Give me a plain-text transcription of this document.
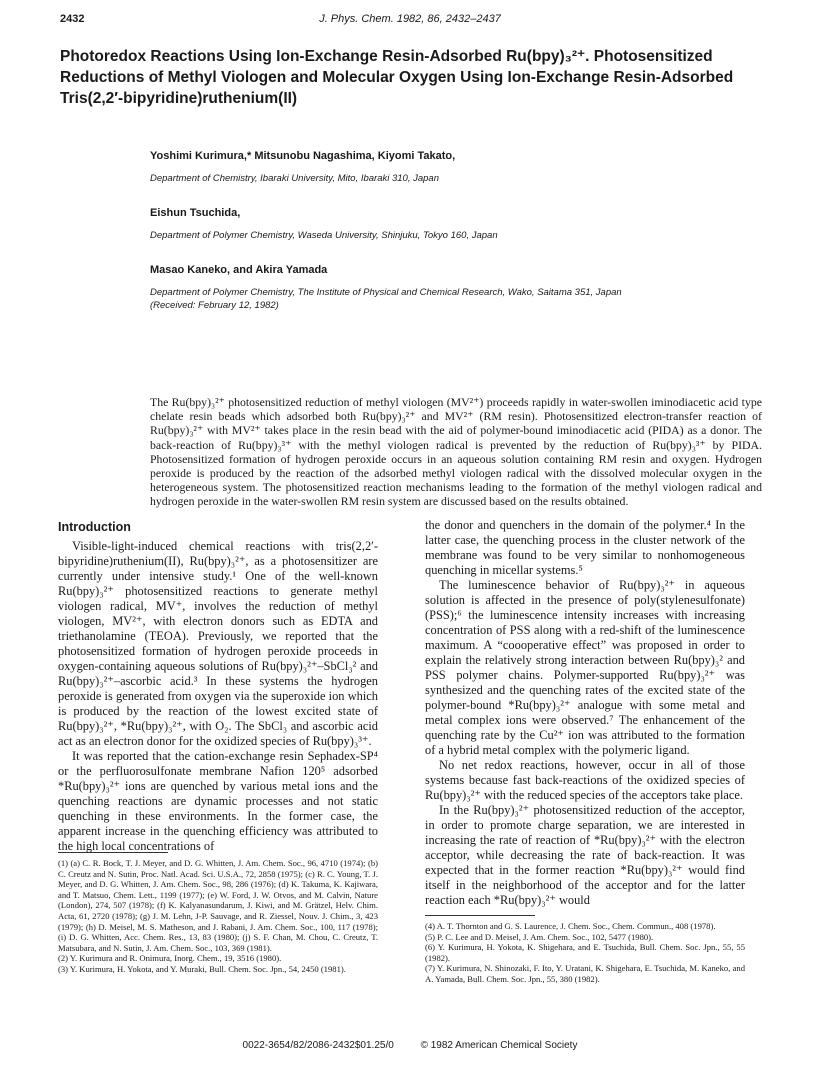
2432	J. Phys. Chem. 1982, 86, 2432–2437
Photoredox Reactions Using Ion-Exchange Resin-Adsorbed Ru(bpy)₃²⁺. Photosensitized Reductions of Methyl Viologen and Molecular Oxygen Using Ion-Exchange Resin-Adsorbed Tris(2,2′-bipyridine)ruthenium(II)
Yoshimi Kurimura,* Mitsunobu Nagashima, Kiyomi Takato,
Department of Chemistry, Ibaraki University, Mito, Ibaraki 310, Japan
Eishun Tsuchida,
Department of Polymer Chemistry, Waseda University, Shinjuku, Tokyo 160, Japan
Masao Kaneko, and Akira Yamada
Department of Polymer Chemistry, The Institute of Physical and Chemical Research, Wako, Saitama 351, Japan
(Received: February 12, 1982)

The Ru(bpy)₃²⁺ photosensitized reduction of methyl viologen (MV²⁺) proceeds rapidly in water-swollen iminodiacetic acid type chelate resin beads which adsorbed both Ru(bpy)₃²⁺ and MV²⁺ (RM resin). Photosensitized electron-transfer reaction of Ru(bpy)₃²⁺ with MV²⁺ takes place in the resin bead with the aid of polymer-bound iminodiacetic acid (PIDA) as a donor. The back-reaction of Ru(bpy)₃³⁺ with the methyl viologen radical is prevented by the reduction of Ru(bpy)₃³⁺ by PIDA. Photosensitized formation of hydrogen peroxide occurs in an aqueous solution containing RM resin and oxygen. Hydrogen peroxide is produced by the reaction of the adsorbed methyl viologen radical with the dissolved molecular oxygen in the heterogeneous system. The photosensitized reaction mechanisms leading to the formation of the methyl viologen radical and hydrogen peroxide in the water-swollen RM resin system are discussed based on the results obtained.

Introduction

Visible-light-induced chemical reactions with tris(2,2′-bipyridine)ruthenium(II), Ru(bpy)₃²⁺, as a photosensitizer are currently under intensive study.¹ One of the well-known Ru(bpy)₃²⁺ photosensitized reactions to generate methyl viologen radical, MV⁺, involves the reduction of methyl viologen, MV²⁺, with electron donors such as EDTA and triethanolamine (TEOA). Previously, we reported that the photosensitized formation of hydrogen peroxide proceeds in oxygen-containing aqueous solutions of Ru(bpy)₃²⁺–SbCl₃² and Ru(bpy)₃²⁺–ascorbic acid.³ In these systems the hydrogen peroxide is generated from oxygen via the superoxide ion which is produced by the reaction of the lowest excited state of Ru(bpy)₃²⁺, *Ru(bpy)₃²⁺, with O₂. The SbCl₃ and ascorbic acid act as an electron donor for the oxidized species of Ru(bpy)₃³⁺.

It was reported that the cation-exchange resin Sephadex-SP⁴ or the perfluorosulfonate membrane Nafion 120⁵ adsorbed *Ru(bpy)₃²⁺ ions are quenched by various metal ions and the quenching reactions are dynamic processes and not static quenching in these environments. In the former case, the apparent increase in the quenching efficiency was attributed to the high local concentrations of

the donor and quenchers in the domain of the polymer.⁴ In the latter case, the quenching process in the cluster network of the membrane was found to be very similar to nonhomogeneous quenching in micellar systems.⁵

The luminescence behavior of Ru(bpy)₃²⁺ in aqueous solution is affected in the presence of poly(stylenesulfonate) (PSS);⁶ the luminescence intensity increases with increasing concentration of PSS along with a red-shift of the luminescence maximum. A “coooperative effect” was proposed in order to explain the relatively strong interaction between Ru(bpy)₃² and PSS polymer chains. Polymer-supported Ru(bpy)₃²⁺ was synthesized and the quenching rates of the excited state of the polymer-bound *Ru(bpy)₃²⁺ analogue with some metal and metal complex ions were observed.⁷ The enhancement of the quenching rate by the Cu²⁺ ion was attributed to the formation of a hybrid metal complex with the polymeric ligand.

No net redox reactions, however, occur in all of those systems because fast back-reactions of the oxidized species of Ru(bpy)₃²⁺ with the reduced species of the acceptors take place.

In the Ru(bpy)₃²⁺ photosensitized reduction of the acceptor, in order to promote charge separation, we are interested in increasing the rate of reaction of *Ru(bpy)₃²⁺ with the electron acceptor, while decreasing the rate of back-reaction. It was expected that in the former reaction *Ru(bpy)₃²⁺ would find itself in the neighborhood of the acceptor and for the latter reaction each *Ru(bpy)₃²⁺ would

(1) (a) C. R. Bock, T. J. Meyer, and D. G. Whitten, J. Am. Chem. Soc., 96, 4710 (1974); (b) C. Creutz and N. Sutin, Proc. Natl. Acad. Sci. U.S.A., 72, 2858 (1975); (c) R. C. Young, T. J. Meyer, and D. G. Whitten, J. Am. Chem. Soc., 98, 286 (1976); (d) K. Takuma, K. Kajiwara, and T. Matsuo, Chem. Lett., 1199 (1977); (e) W. Ford, J. W. Otvos, and M. Calvin, Nature (London), 274, 507 (1978); (f) K. Kalyanasundarum, J. Kiwi, and M. Grätzel, Helv. Chim. Acta, 61, 2720 (1978); (g) J. M. Lehn, J-P. Sauvage, and R. Ziessel, Nouv. J. Chim., 3, 423 (1979); (h) D. Meisel, M. S. Matheson, and J. Rabani, J. Am. Chem. Soc., 100, 117 (1978); (i) D. G. Whitten, Acc. Chem. Res., 13, 83 (1980); (j) S. F. Chan, M. Chou, C. Creutz, T. Matsubara, and N. Sutin, J. Am. Chem. Soc., 103, 369 (1981).

(2) Y. Kurimura and R. Onimura, Inorg. Chem., 19, 3516 (1980).

(3) Y. Kurimura, H. Yokota, and Y. Muraki, Bull. Chem. Soc. Jpn., 54, 2450 (1981).

(4) A. T. Thornton and G. S. Laurence, J. Chem. Soc., Chem. Commun., 408 (1978).

(5) P. C. Lee and D. Meisel, J. Am. Chem. Soc., 102, 5477 (1980).

(6) Y. Kurimura, H. Yokota, K. Shigehara, and E. Tsuchida, Bull. Chem. Soc. Jpn., 55, 55 (1982).

(7) Y. Kurimura, N. Shinozaki, F. Ito, Y. Uratani, K. Shigehara, E. Tsuchida, M. Kaneko, and A. Yamada, Bull. Chem. Soc. Jpn., 55, 380 (1982).

0022-3654/82/2086-2432$01.25/0	© 1982 American Chemical Society
